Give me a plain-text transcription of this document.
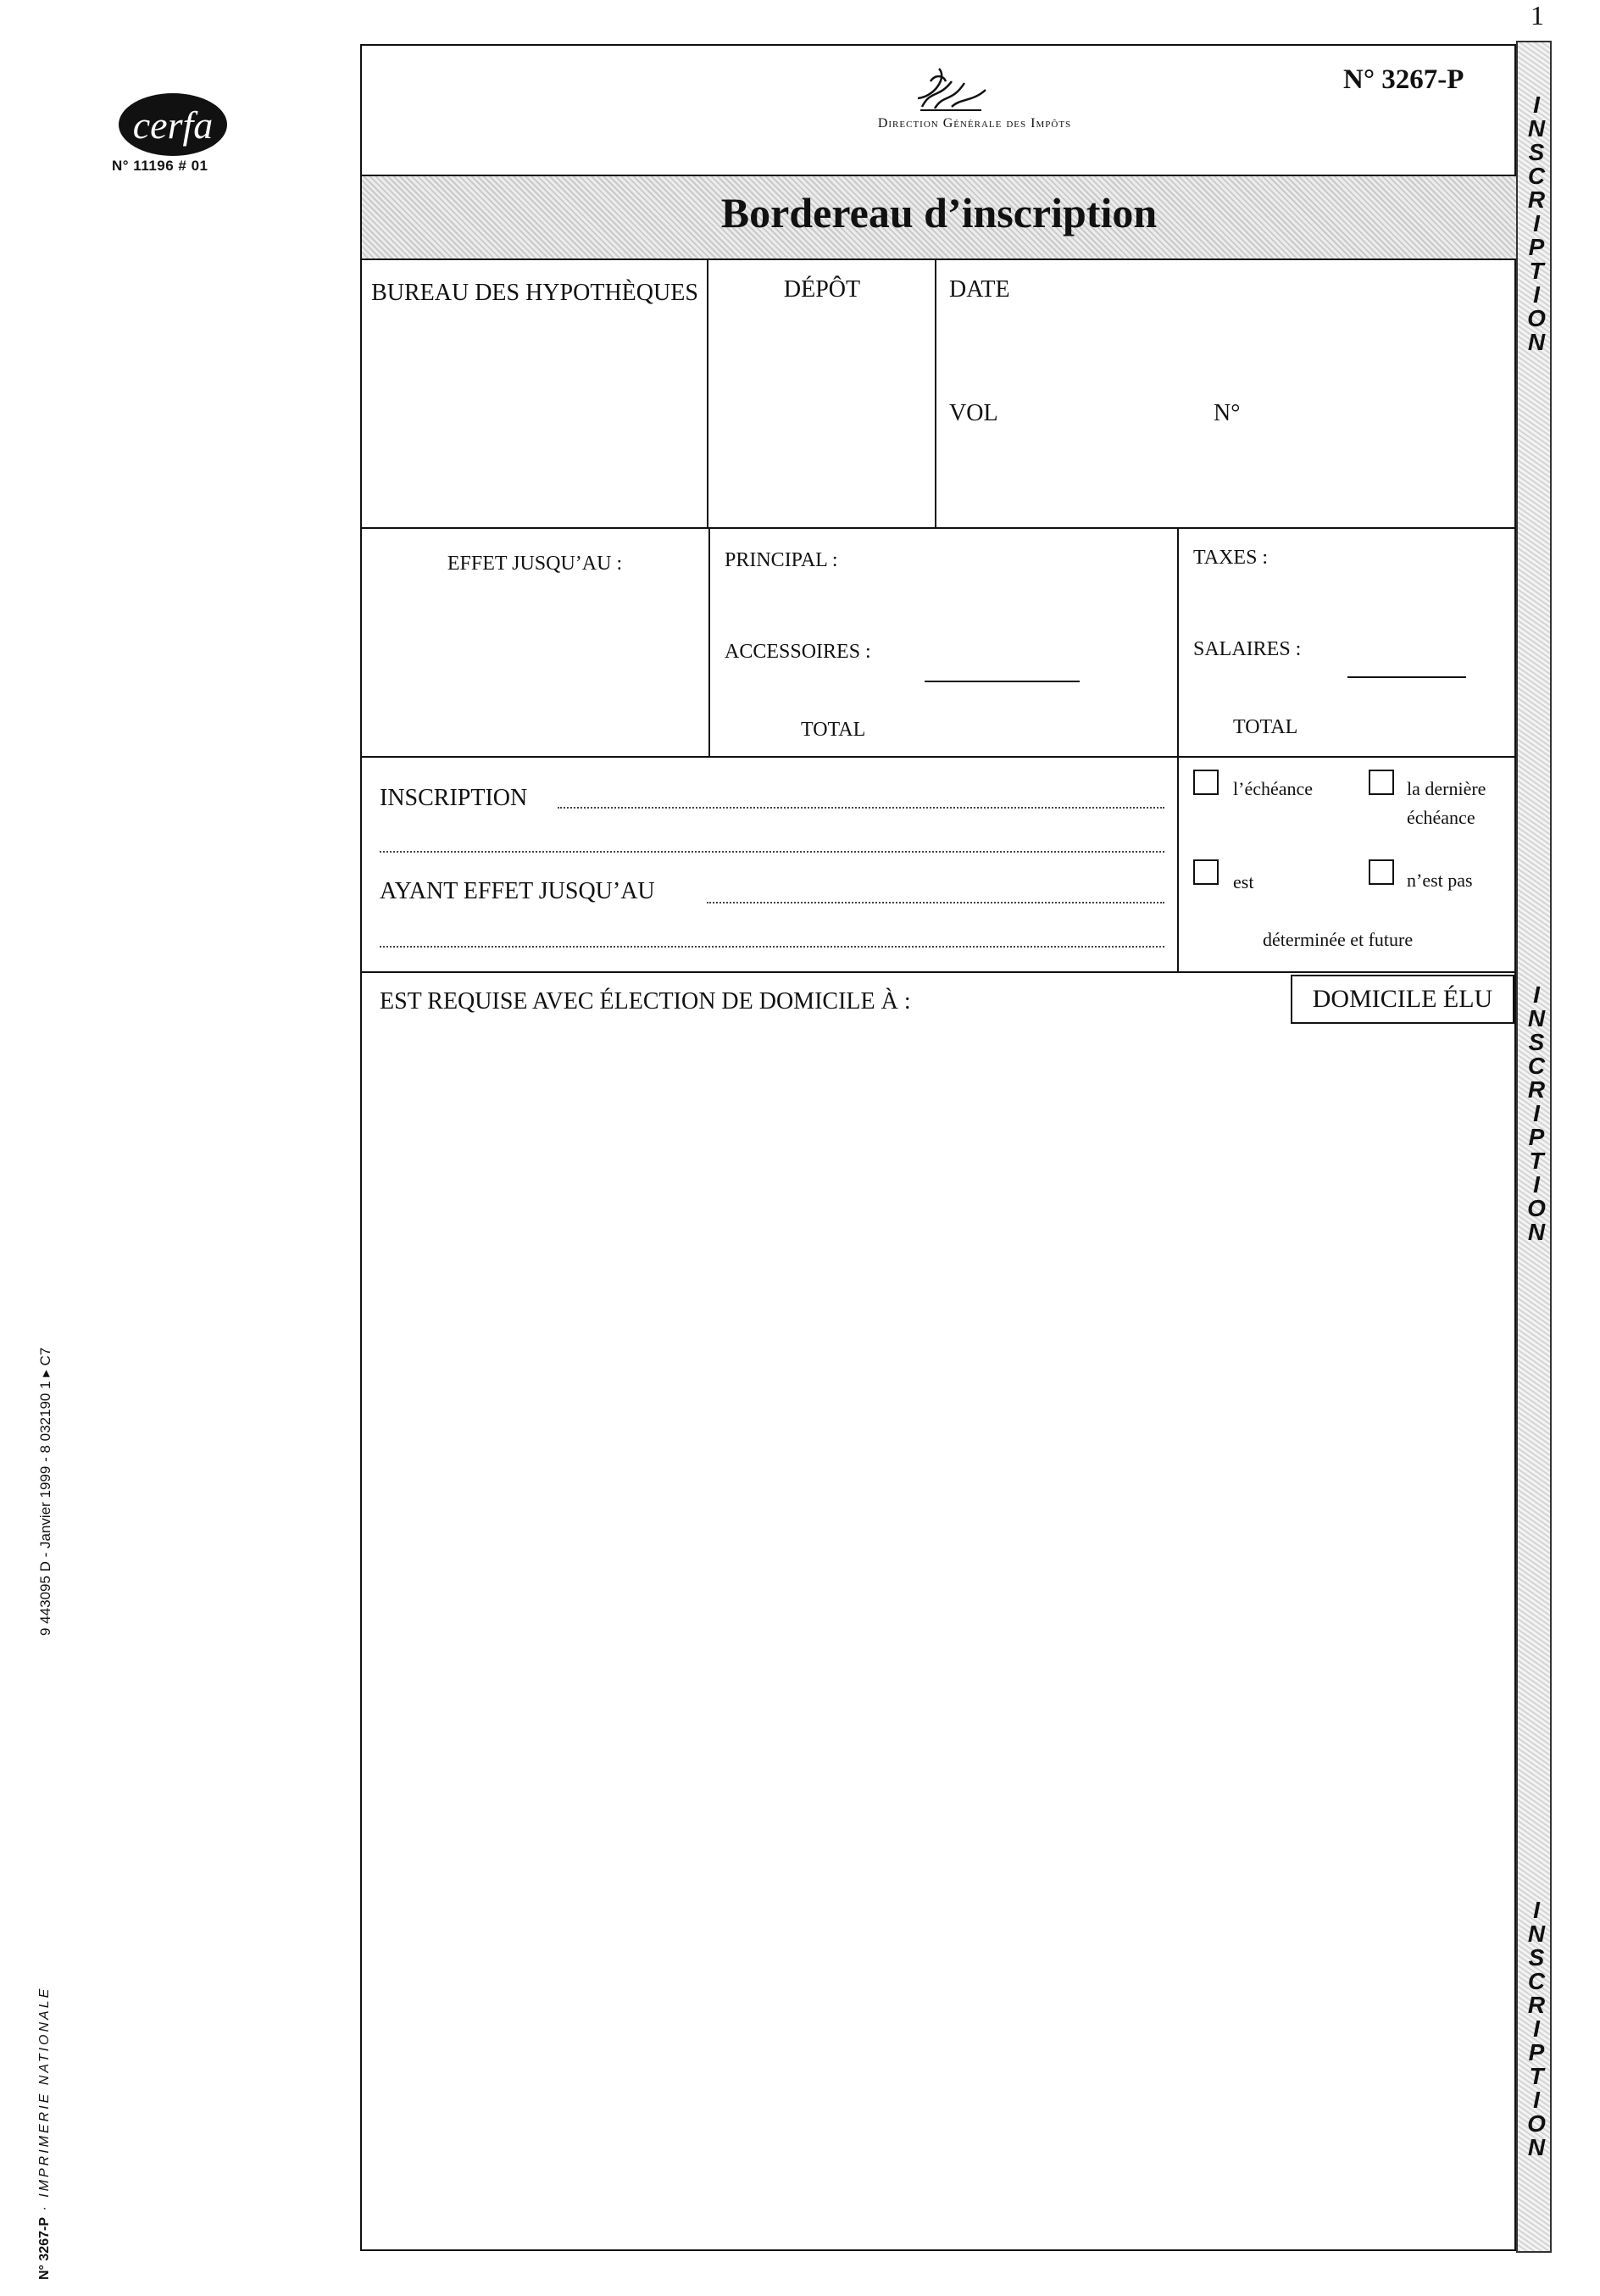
1
cerfa
N° 11196 # 01
9 443095 D - Janvier 1999 - 8 032190 1 ▸ C7
N° 3267-P · IMPRIMERIE NATIONALE
I
N
S
C
R
I
P
T
I
O
N
I
N
S
C
R
I
P
T
I
O
N
I
N
S
C
R
I
P
T
I
O
N
Direction Générale des Impôts
N° 3267-P
Bordereau d’inscription
BUREAU DES HYPOTHÈQUES	DÉPÔT	DATE
VOL	N°
EFFET JUSQU’AU :	PRINCIPAL :
ACCESSOIRES :
TOTAL
TAXES :
SALAIRES :
TOTAL
INSCRIPTION
AYANT EFFET JUSQU’AU
l’échéance	la dernière
échéance
est	n’est pas
déterminée et future
EST REQUISE AVEC ÉLECTION DE DOMICILE À :	DOMICILE ÉLU
